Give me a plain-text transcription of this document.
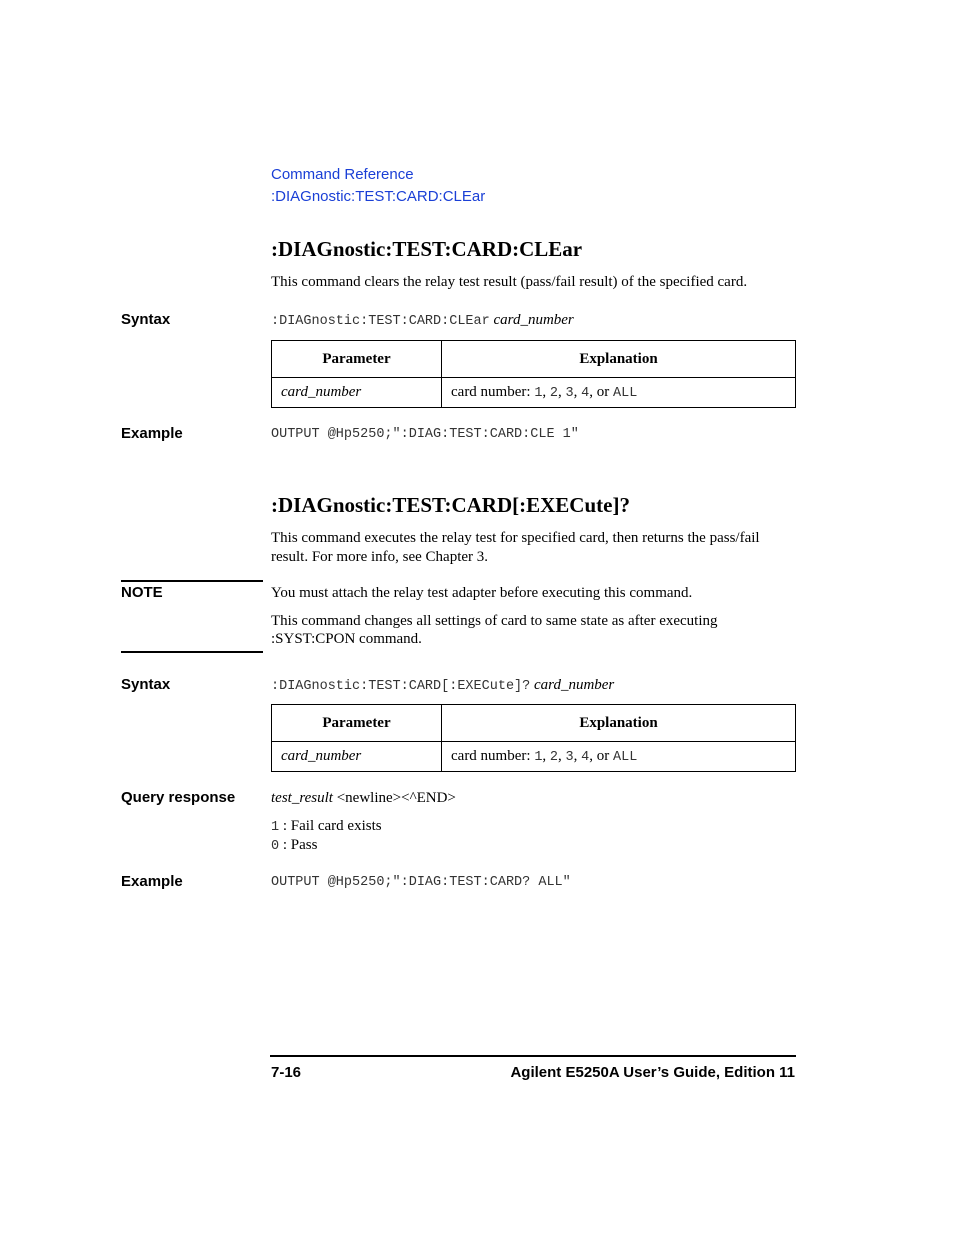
Command Reference
:DIAGnostic:TEST:CARD:CLEar
:DIAGnostic:TEST:CARD:CLEar
This command clears the relay test result (pass/fail result) of the specified card.
Syntax	:DIAGnostic:TEST:CARD:CLEar card_number
Parameter	Explanation
card_number	card number: 1, 2, 3, 4, or ALL
Example	OUTPUT @Hp5250;":DIAG:TEST:CARD:CLE 1"
:DIAGnostic:TEST:CARD[:EXECute]?
This command executes the relay test for specified card, then returns the pass/fail
result. For more info, see Chapter 3.
NOTE	You must attach the relay test adapter before executing this command.
This command changes all settings of card to same state as after executing
:SYST:CPON command.
Syntax	:DIAGnostic:TEST:CARD[:EXECute]? card_number
Parameter	Explanation
card_number	card number: 1, 2, 3, 4, or ALL
Query response test_result <newline><^END>
1 : Fail card exists
0 : Pass
Example	OUTPUT @Hp5250;":DIAG:TEST:CARD? ALL"
7-16	Agilent E5250A User’s Guide, Edition 11
